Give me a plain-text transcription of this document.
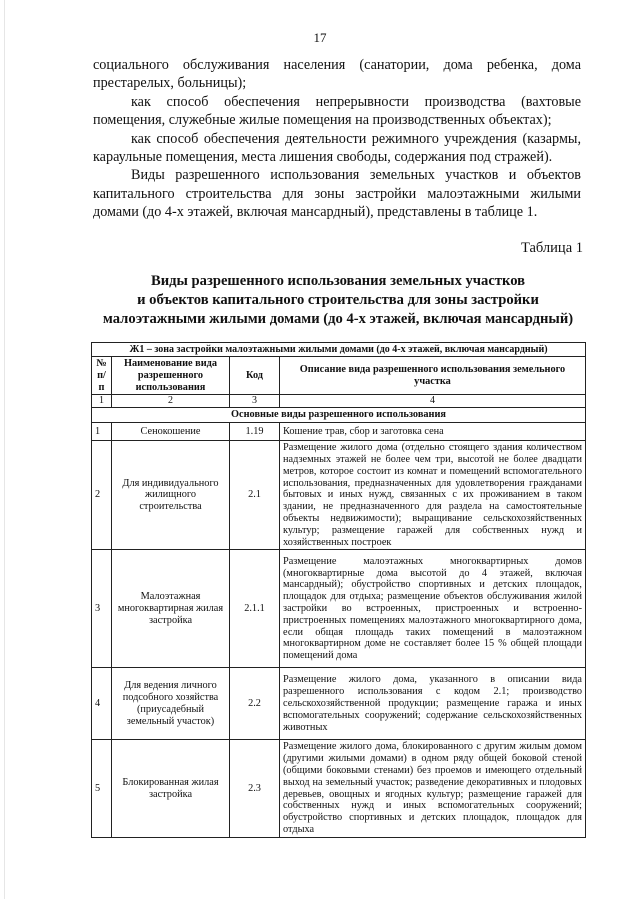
17

социального обслуживания населения (санатории, дома ребенка, дома престарелых, больницы);

как способ обеспечения непрерывности производства (вахтовые помещения, служебные жилые помещения на производственных объектах);

как способ обеспечения деятельности режимного учреждения (казармы, караульные помещения, места лишения свободы, содержания под стражей).

Виды разрешенного использования земельных участков и объектов капитального строительства для зоны застройки малоэтажными жилыми домами (до 4-х этажей, включая мансардный), представлены в таблице 1.

Таблица 1
Виды разрешенного использования земельных участков
и объектов капитального строительства для зоны застройки
малоэтажными жилыми домами (до 4-х этажей, включая мансардный)
Ж1 – зона застройки малоэтажными жилыми домами (до 4-х этажей, включая мансардный)			
№ п/п	Наименование вида разрешенного использования	Код	Описание вида разрешенного использования земельного участка
1	2	3	4
Основные виды разрешенного использования			
1	Сенокошение	1.19	Кошение трав, сбор и заготовка сена
2	Для индивидуального жилищного строительства	2.1	Размещение жилого дома (отдельно стоящего здания количеством надземных этажей не более чем три, высотой не более двадцати метров, которое состоит из комнат и помещений вспомогательного использования, предназначенных для удовлетворения гражданами бытовых и иных нужд, связанных с их проживанием в таком здании, не предназначенного для раздела на самостоятельные объекты недвижимости); выращивание сельскохозяйственных культур; размещение гаражей для собственных нужд и хозяйственных построек
3	Малоэтажная многоквартирная жилая застройка	2.1.1	Размещение малоэтажных многоквартирных домов (многоквартирные дома высотой до 4 этажей, включая мансардный); обустройство спортивных и детских площадок, площадок для отдыха; размещение объектов обслуживания жилой застройки во встроенных, пристроенных и встроенно-пристроенных помещениях малоэтажного многоквартирного дома, если общая площадь таких помещений в малоэтажном многоквартирном доме не составляет более 15 % общей площади помещений дома
4	Для ведения личного подсобного хозяйства (приусадебный земельный участок)	2.2	Размещение жилого дома, указанного в описании вида разрешенного использования с кодом 2.1; производство сельскохозяйственной продукции; размещение гаража и иных вспомогательных сооружений; содержание сельскохозяйственных животных
5	Блокированная жилая застройка	2.3	Размещение жилого дома, блокированного с другим жилым домом (другими жилыми домами) в одном ряду общей боковой стеной (общими боковыми стенами) без проемов и имеющего отдельный выход на земельный участок; разведение декоративных и плодовых деревьев, овощных и ягодных культур; размещение гаражей для собственных нужд и иных вспомогательных сооружений; обустройство спортивных и детских площадок, площадок для отдыха
